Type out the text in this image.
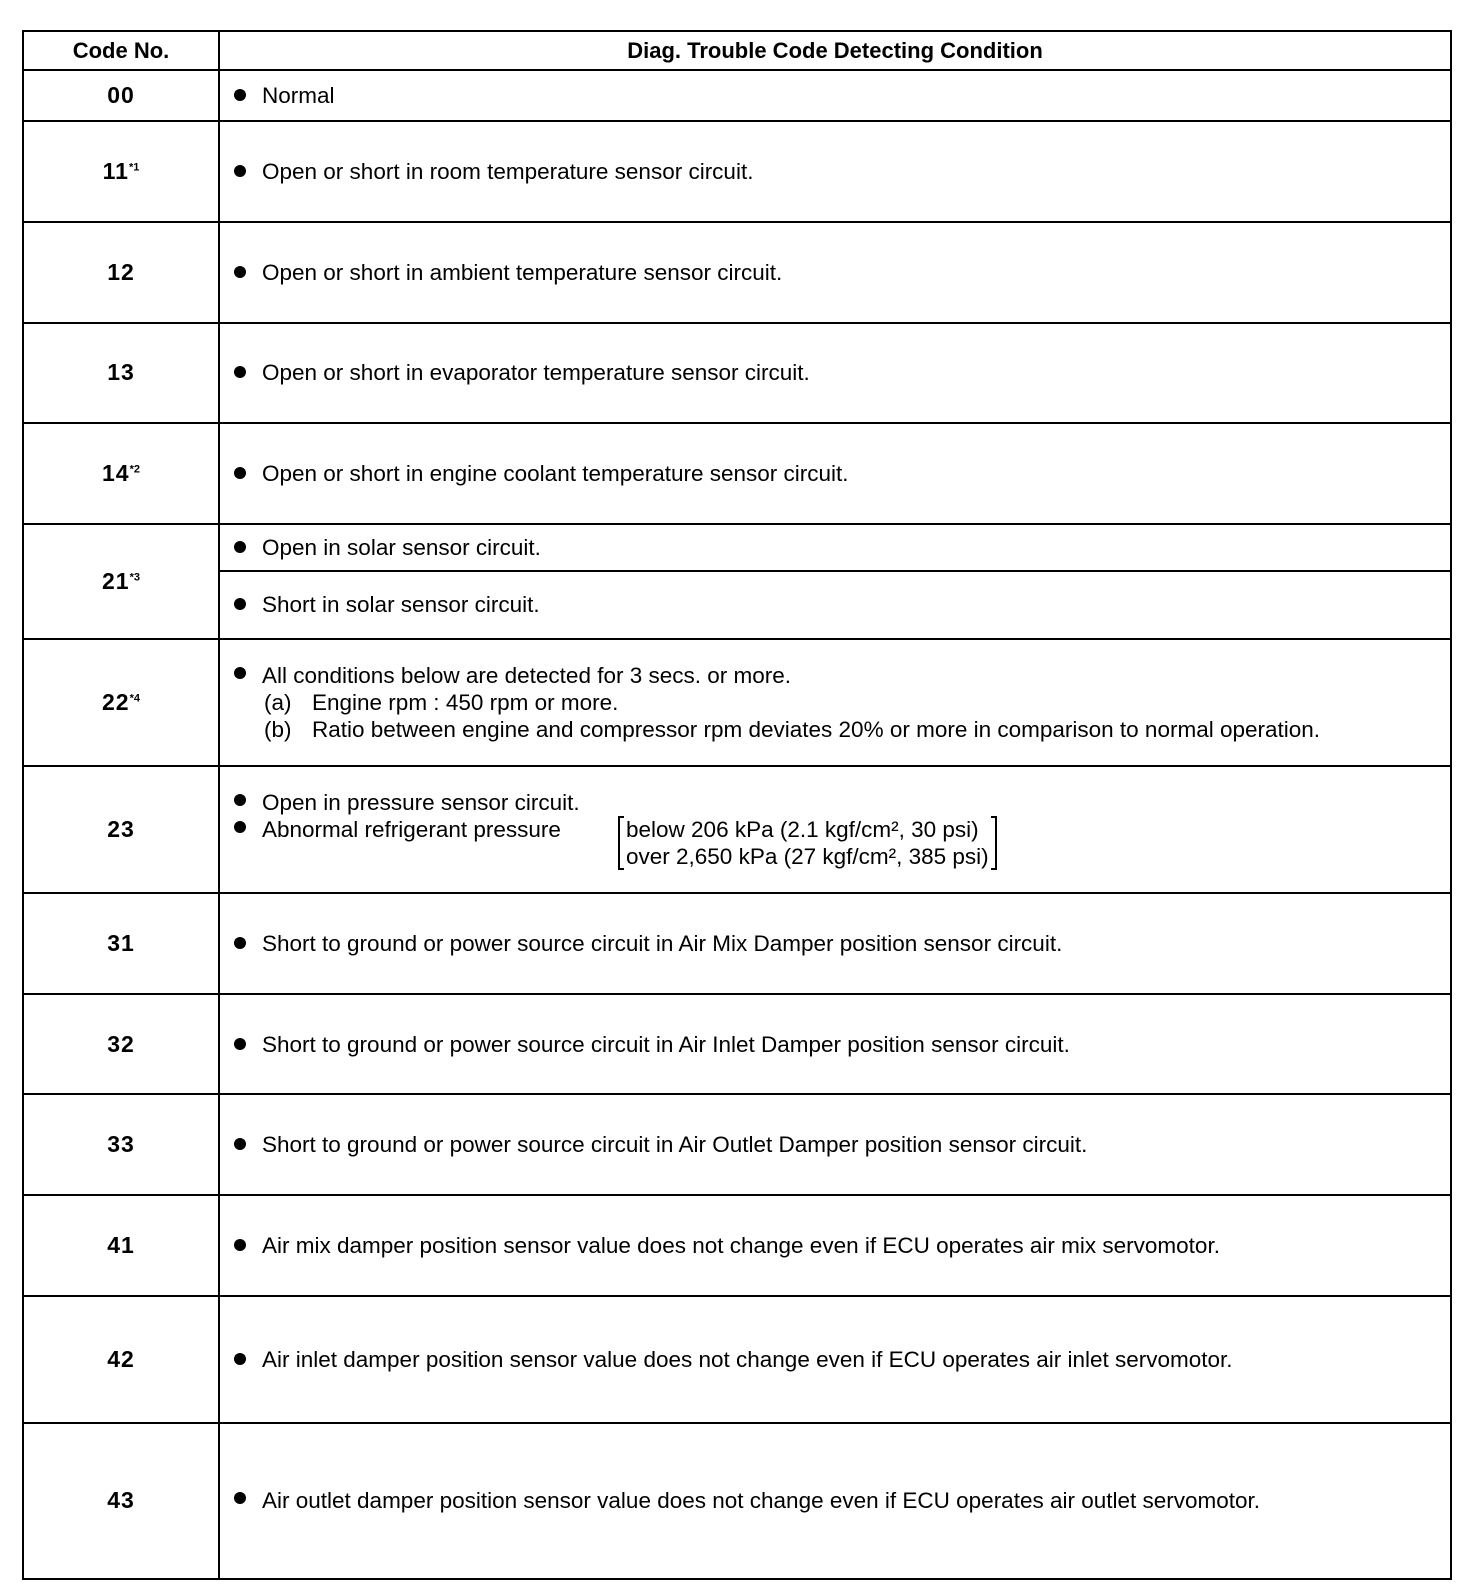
Code No.	Diag. Trouble Code Detecting Condition
00	Normal
11$^{*1}$	Open or short in room temperature sensor circuit.
12	Open or short in ambient temperature sensor circuit.
13	Open or short in evaporator temperature sensor circuit.
14$^{*2}$	Open or short in engine coolant temperature sensor circuit.
21$^{*3}$	Open in solar sensor circuit.
	Short in solar sensor circuit.
22$^{*4}$	All conditions below are detected for 3 secs. or more.
(a) Engine rpm : 450 rpm or more.
(b) Ratio between engine and compressor rpm deviates 20% or more in comparison to normal operation.

23	Open in pressure sensor circuit.
Abnormal refrigerant pressure below 206 kPa (2.1 kgf/cm², 30 psi)
over 2,650 kPa (27 kgf/cm², 385 psi)

31	Short to ground or power source circuit in Air Mix Damper position sensor circuit.
32	Short to ground or power source circuit in Air Inlet Damper position sensor circuit.
33	Short to ground or power source circuit in Air Outlet Damper position sensor circuit.
41	Air mix damper position sensor value does not change even if ECU operates air mix servomotor.
42	Air inlet damper position sensor value does not change even if ECU operates air inlet servomotor.
43	Air outlet damper position sensor value does not change even if ECU operates air outlet servomotor.
